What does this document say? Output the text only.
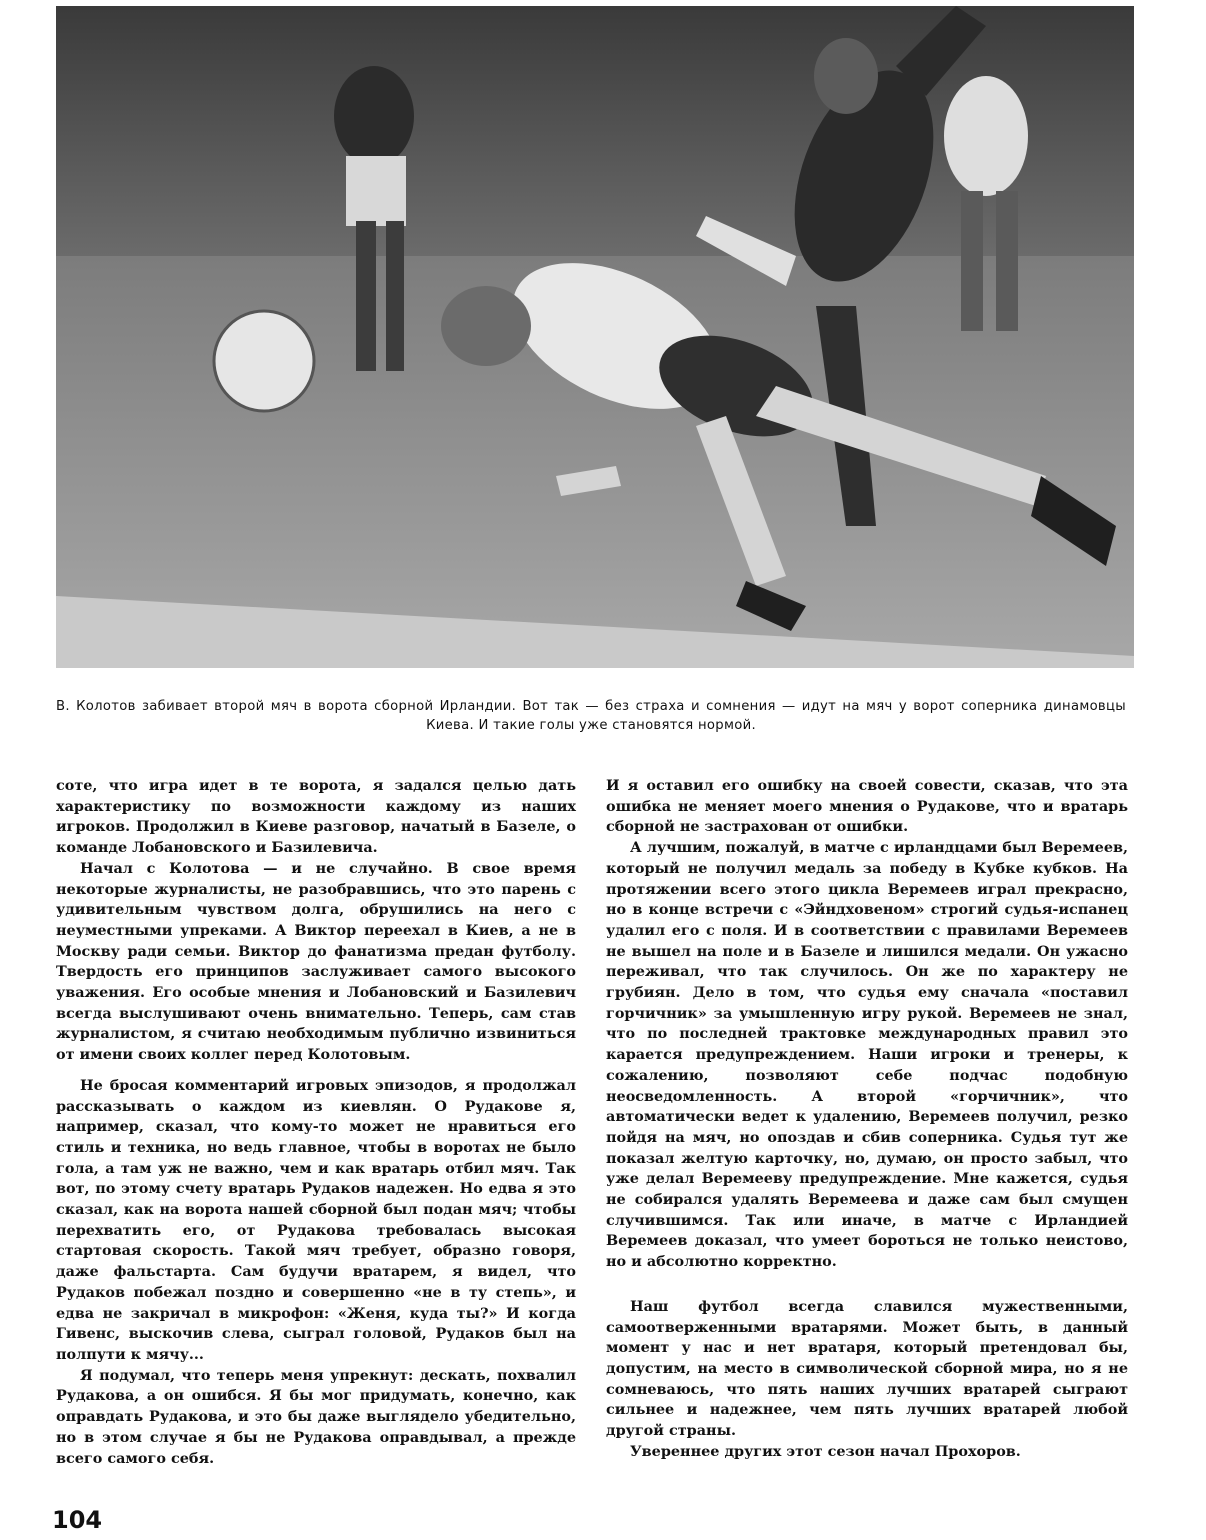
В. Колотов забивает второй мяч в ворота сборной Ирландии. Вот так — без страха и сомнения — идут на мяч у ворот соперника динамовцы Киева. И такие голы уже становятся нормой.

соте, что игра идет в те ворота, я задался целью дать характеристику по возможности каждому из наших игроков. Продолжил в Киеве разговор, начатый в Базеле, о команде Лобановского и Базилевича.

Начал с Колотова — и не случайно. В свое время некоторые журналисты, не разобравшись, что это парень с удивительным чувством долга, обрушились на него с неуместными упреками. А Виктор переехал в Киев, а не в Москву ради семьи. Виктор до фанатизма предан футболу. Твердость его принципов заслуживает самого высокого уважения. Его особые мнения и Лобановский и Базилевич всегда выслушивают очень внимательно. Теперь, сам став журналистом, я считаю необходимым публично извиниться от имени своих коллег перед Колотовым.

Не бросая комментарий игровых эпизодов, я продолжал рассказывать о каждом из киевлян. О Рудакове я, например, сказал, что кому-то может не нравиться его стиль и техника, но ведь главное, чтобы в воротах не было гола, а там уж не важно, чем и как вратарь отбил мяч. Так вот, по этому счету вратарь Рудаков надежен. Но едва я это сказал, как на ворота нашей сборной был подан мяч; чтобы перехватить его, от Рудакова требовалась высокая стартовая скорость. Такой мяч требует, образно говоря, даже фальстарта. Сам будучи вратарем, я видел, что Рудаков побежал поздно и совершенно «не в ту степь», и едва не закричал в микрофон: «Женя, куда ты?» И когда Гивенс, выскочив слева, сыграл головой, Рудаков был на полпути к мячу...

Я подумал, что теперь меня упрекнут: дескать, похвалил Рудакова, а он ошибся. Я бы мог придумать, конечно, как оправдать Рудакова, и это бы даже выглядело убедительно, но в этом случае я бы не Рудакова оправдывал, а прежде всего самого себя.

И я оставил его ошибку на своей совести, сказав, что эта ошибка не меняет моего мнения о Рудакове, что и вратарь сборной не застрахован от ошибки.

А лучшим, пожалуй, в матче с ирландцами был Веремеев, который не получил медаль за победу в Кубке кубков. На протяжении всего этого цикла Веремеев играл прекрасно, но в конце встречи с «Эйндховеном» строгий судья-испанец удалил его с поля. И в соответствии с правилами Веремеев не вышел на поле и в Базеле и лишился медали. Он ужасно переживал, что так случилось. Он же по характеру не грубиян. Дело в том, что судья ему сначала «поставил горчичник» за умышленную игру рукой. Веремеев не знал, что по последней трактовке международных правил это карается предупреждением. Наши игроки и тренеры, к сожалению, позволяют себе подчас подобную неосведомленность. А второй «горчичник», что автоматически ведет к удалению, Веремеев получил, резко пойдя на мяч, но опоздав и сбив соперника. Судья тут же показал желтую карточку, но, думаю, он просто забыл, что уже делал Веремееву предупреждение. Мне кажется, судья не собирался удалять Веремеева и даже сам был смущен случившимся. Так или иначе, в матче с Ирландией Веремеев доказал, что умеет бороться не только неистово, но и абсолютно корректно.

Наш футбол всегда славился мужественными, самоотверженными вратарями. Может быть, в данный момент у нас и нет вратаря, который претендовал бы, допустим, на место в символической сборной мира, но я не сомневаюсь, что пять наших лучших вратарей сыграют сильнее и надежнее, чем пять лучших вратарей любой другой страны.

Увереннее других этот сезон начал Прохоров.

104
